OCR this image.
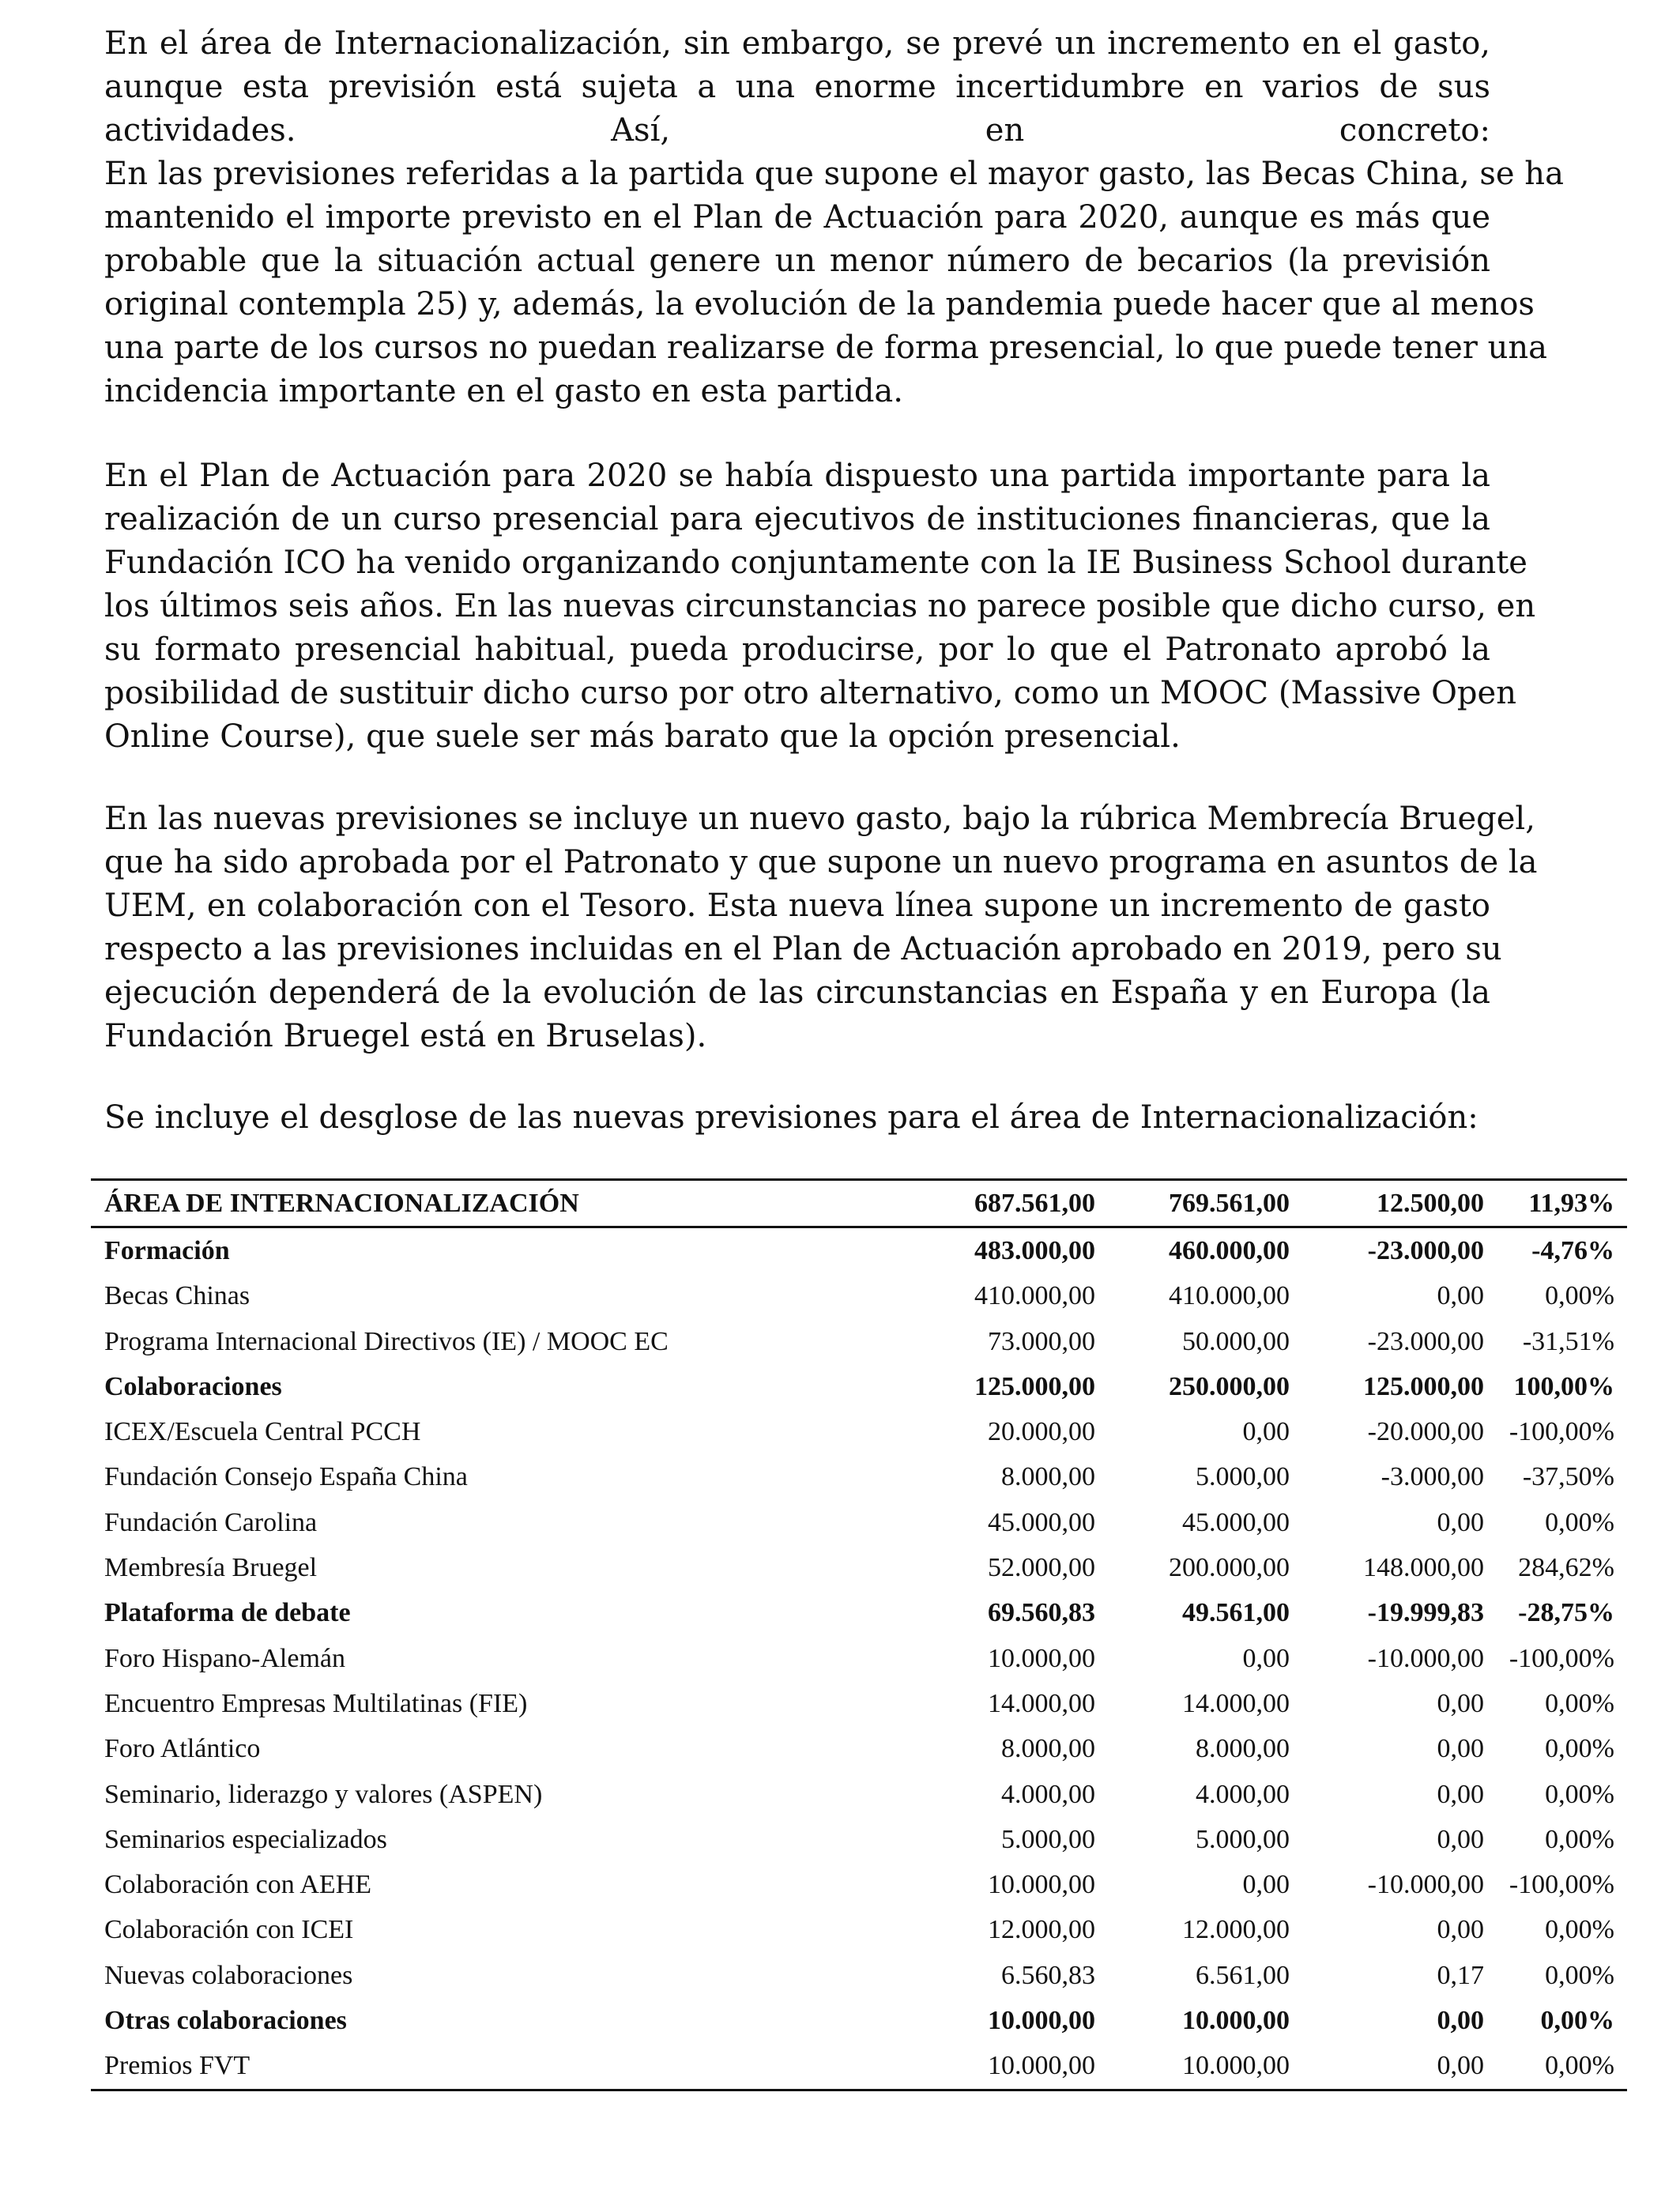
En el área de Internacionalización, sin embargo, se prevé un incremento en el gasto,
aunque esta previsión está sujeta a una enorme incertidumbre en varios de sus
actividades. Así, en concreto:
En las previsiones referidas a la partida que supone el mayor gasto, las Becas China, se ha
mantenido el importe previsto en el Plan de Actuación para 2020, aunque es más que
probable que la situación actual genere un menor número de becarios (la previsión
original contempla 25) y, además, la evolución de la pandemia puede hacer que al menos
una parte de los cursos no puedan realizarse de forma presencial, lo que puede tener una
incidencia importante en el gasto en esta partida.
En el Plan de Actuación para 2020 se había dispuesto una partida importante para la
realización de un curso presencial para ejecutivos de instituciones financieras, que la
Fundación ICO ha venido organizando conjuntamente con la IE Business School durante
los últimos seis años. En las nuevas circunstancias no parece posible que dicho curso, en
su formato presencial habitual, pueda producirse, por lo que el Patronato aprobó la
posibilidad de sustituir dicho curso por otro alternativo, como un MOOC (Massive Open
Online Course), que suele ser más barato que la opción presencial.
En las nuevas previsiones se incluye un nuevo gasto, bajo la rúbrica Membrecía Bruegel,
que ha sido aprobada por el Patronato y que supone un nuevo programa en asuntos de la
UEM, en colaboración con el Tesoro. Esta nueva línea supone un incremento de gasto
respecto a las previsiones incluidas en el Plan de Actuación aprobado en 2019, pero su
ejecución dependerá de la evolución de las circunstancias en España y en Europa (la
Fundación Bruegel está en Bruselas).
Se incluye el desglose de las nuevas previsiones para el área de Internacionalización:
ÁREA DE INTERNACIONALIZACIÓN	687.561,00	769.561,00	12.500,00	11,93%
Formación	483.000,00	460.000,00	-23.000,00	-4,76%
Becas Chinas	410.000,00	410.000,00	0,00	0,00%
Programa Internacional Directivos (IE) / MOOC EC	73.000,00	50.000,00	-23.000,00	-31,51%
Colaboraciones	125.000,00	250.000,00	125.000,00	100,00%
ICEX/Escuela Central PCCH	20.000,00	0,00	-20.000,00	-100,00%
Fundación Consejo España China	8.000,00	5.000,00	-3.000,00	-37,50%
Fundación Carolina	45.000,00	45.000,00	0,00	0,00%
Membresía Bruegel	52.000,00	200.000,00	148.000,00	284,62%
Plataforma de debate	69.560,83	49.561,00	-19.999,83	-28,75%
Foro Hispano-Alemán	10.000,00	0,00	-10.000,00	-100,00%
Encuentro Empresas Multilatinas (FIE)	14.000,00	14.000,00	0,00	0,00%
Foro Atlántico	8.000,00	8.000,00	0,00	0,00%
Seminario, liderazgo y valores (ASPEN)	4.000,00	4.000,00	0,00	0,00%
Seminarios especializados	5.000,00	5.000,00	0,00	0,00%
Colaboración con AEHE	10.000,00	0,00	-10.000,00	-100,00%
Colaboración con ICEI	12.000,00	12.000,00	0,00	0,00%
Nuevas colaboraciones	6.560,83	6.561,00	0,17	0,00%
Otras colaboraciones	10.000,00	10.000,00	0,00	0,00%
Premios FVT	10.000,00	10.000,00	0,00	0,00%
